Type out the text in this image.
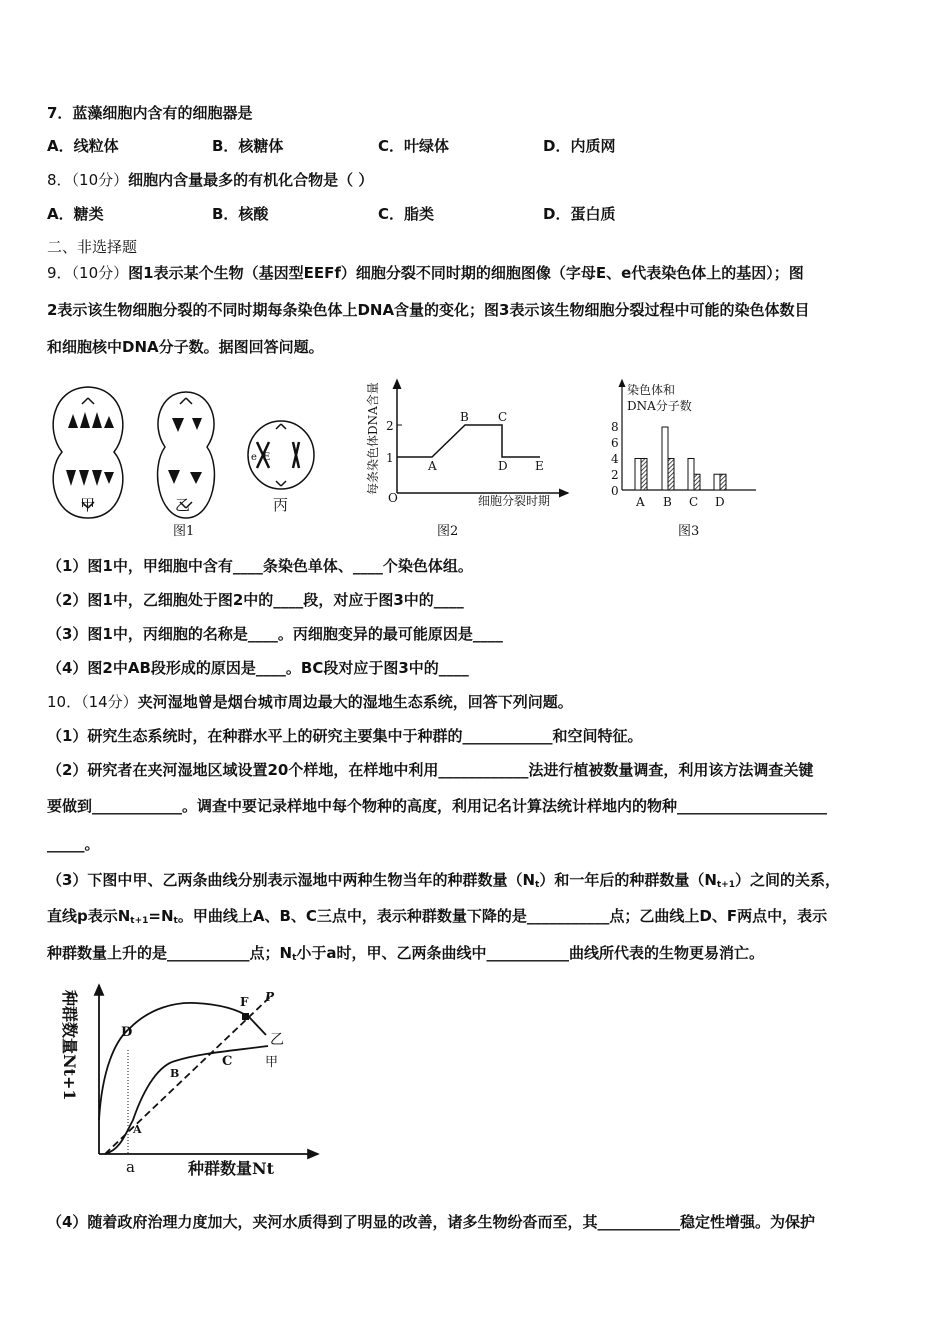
7．蓝藻细胞内含有的细胞器是
A．线粒体	B．核糖体	C．叶绿体	D．内质网
8．（10分）细胞内含量最多的有机化合物是（ ）
A．糖类	B．核酸	C．脂类	D．蛋白质
二、非选择题
9．（10分）图1表示某个生物（基因型EEFf）细胞分裂不同时期的细胞图像（字母E、e代表染色体上的基因）；图
2表示该生物细胞分裂的不同时期每条染色体上DNA含量的变化；图3表示该生物细胞分裂过程中可能的染色体数目
和细胞核中DNA分子数。据图回答问题。
（1）图1中，甲细胞中含有____条染色单体、____个染色体组。
（2）图1中，乙细胞处于图2中的____段，对应于图3中的____
（3）图1中，丙细胞的名称是____。丙细胞变异的最可能原因是____
（4）图2中AB段形成的原因是____。BC段对应于图3中的____
10．（14分）夹河湿地曾是烟台城市周边最大的湿地生态系统，回答下列问题。
（1）研究生态系统时，在种群水平上的研究主要集中于种群的____________和空间特征。
（2）研究者在夹河湿地区域设置20个样地，在样地中利用____________法进行植被数量调查，利用该方法调查关键
要做到____________。调查中要记录样地中每个物种的高度，利用记名计算法统计样地内的物种____________________
_____。
（3）下图中甲、乙两条曲线分别表示湿地中两种生物当年的种群数量$(N_t)$和一年后的种群数量$(N_{t+1})$之间的关系，
直线p表示$N_{t+1}=N_t$。甲曲线上A、B、C三点中，表示种群数量下降的是___________点；乙曲线上D、F两点中，表示
种群数量上升的是___________点；$N_t$小于a时，甲、乙两条曲线中___________曲线所代表的生物更易消亡。
（4）随着政府治理力度加大，夹河水质得到了明显的改善，诸多生物纷沓而至，其___________稳定性增强。为保护
甲	乙
e E
丙
图1
2
1
O
A
B C
D E
细胞分裂时期
每条染色体DNA含量
图2
染色体和
DNA分子数
8
6
4
2
0
A B C D
图3
D
B
C
F P
乙
甲
A
a	种群数量Nt
种群数量Nt+1
